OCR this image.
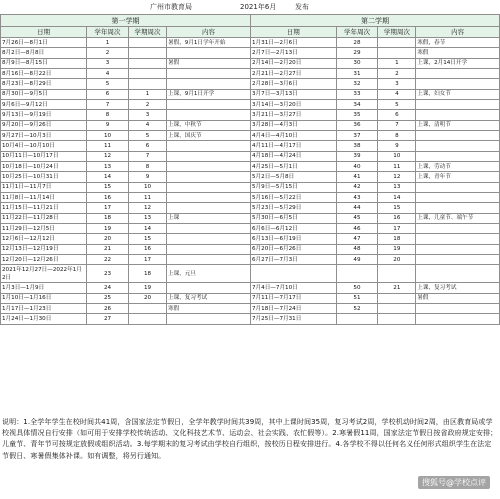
广州市教育局	2021年6月	发布
第一学期			
日期	学年周次	学期周次	内容
7月26日—8月1日	1		暑假，9月1日学年开始
8月2日—8月8日	2		
8月9日—8月15日	3		暑假
8月16日—8月22日	4		
8月23日—8月29日	5		
8月30日—9月5日	6	1	上课，9月1日开学
9月6日—9月12日	7	2	
9月13日—9月19日	8	3	
9月20日—9月26日	9	4	上课，中秋节
9月27日—10月3日	10	5	上课，国庆节
10月4日—10月10日	11	6	
10月11日—10月17日	12	7	
10月18日—10月24日	13	8	
10月25日—10月31日	14	9	
11月1日—11月7日	15	10	
11月8日—11月14日	16	11	
11月15日—11月21日	17	12	
11月22日—11月28日	18	13	上课
11月29日—12月5日	19	14	
12月6日—12月12日	20	15	
12月13日—12月19日	21	16	
12月20日—12月26日	22	17	
2021年12月27日—2022年1月2日	23	18	上课，元旦
1月3日—1月9日	24	19	
1月10日—1月16日	25	20	上课，复习考试
1月17日—1月23日	26		寒假
1月24日—1月30日	27		
第二学期			
日期	学年周次	学期周次	内容
1月31日—2月6日	28		寒假，春节
2月7日—2月13日	29		寒假
2月14日—2月20日	30	1	上课，2月14日开学
2月21日—2月27日	31	2	
2月28日—3月6日	32	3	
3月7日—3月13日	33	4	上课，妇女节
3月14日—3月20日	34	5	
3月21日—3月27日	35	6	
3月28日—4月3日	36	7	上课，清明节
4月4日—4月10日	37	8	
4月11日—4月17日	38	9	
4月18日—4月24日	39	10	
4月25日—5月1日	40	11	上课，劳动节
5月2日—5月8日	41	12	上课，青年节
5月9日—5月15日	42	13	
5月16日—5月22日	43	14	
5月23日—5月29日	44	15	
5月30日—6月5日	45	16	上课，儿童节、端午节
6月6日—6月12日	46	17	
6月13日—6月19日	47	18	
6月20日—6月26日	48	19	
6月27日—7月3日	49	20	

7月4日—7月10日	50	21	上课，复习考试
7月11日—7月17日	51		暑假
7月18日—7月24日	52		
7月25日—7月31日			
说明：1.全学年学生在校时间共41周，含国家法定节假日，全学年教学时间共39周，其中上课时间35周，复习考试2周，学校机动时间2周，由区教育局或学校视具体情况自行安排（如可用于安排学校传统活动、文化科技艺术节、运动会、社会实践、农忙假等）。2.寒暑假11周，国家法定节假日按省政府规定安排；儿童节、青年节可按规定放假或组织活动。3.每学期末的复习考试由学校自行组织，按校历日程安排进行。4.各学校不得以任何名义任何形式组织学生在法定节假日、寒暑假集体补课。如有调整，将另行通知。
搜狐号@学校点评
